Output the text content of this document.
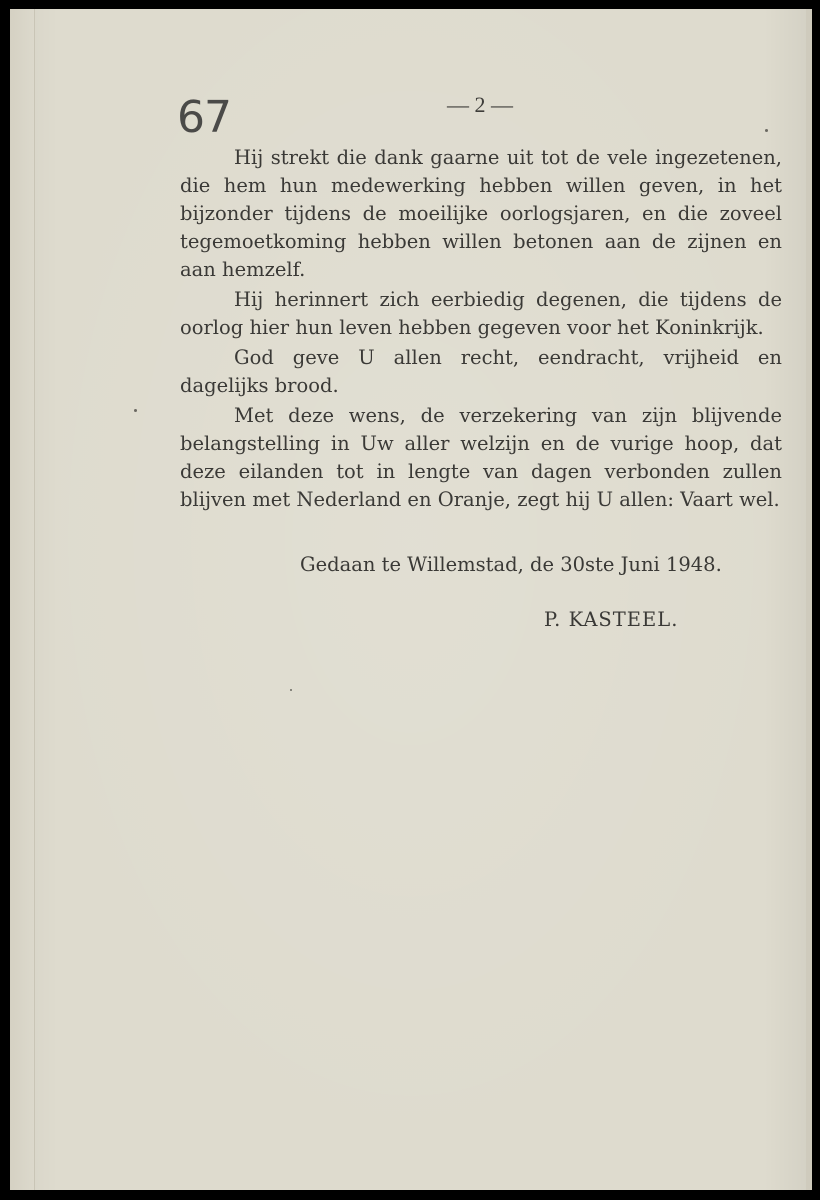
67	— 2 —

Hij strekt die dank gaarne uit tot de vele ingezetenen, die hem hun medewerking hebben willen geven, in het bijzonder tijdens de moeilijke oorlogsjaren, en die zoveel tegemoetkoming hebben willen betonen aan de zijnen en aan hemzelf.

Hij herinnert zich eerbiedig degenen, die tijdens de oorlog hier hun leven hebben gegeven voor het Koninkrijk.

God geve U allen recht, eendracht, vrijheid en dagelijks brood.

Met deze wens, de verzekering van zijn blijvende belangstelling in Uw aller welzijn en de vurige hoop, dat deze eilanden tot in lengte van dagen verbonden zullen blijven met Nederland en Oranje, zegt hij U allen: Vaart wel.

Gedaan te Willemstad, de 30ste Juni 1948.
P. KASTEEL.
